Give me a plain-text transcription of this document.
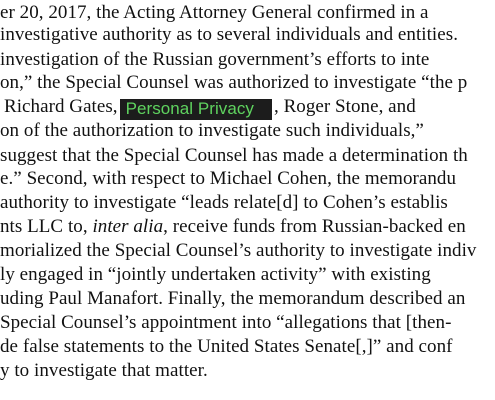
er 20, 2017, the Acting Attorney General confirmed in a
investigative authority as to several individuals and entities.
investigation of the Russian government’s efforts to inte
on,” the Special Counsel was authorized to investigate “the p
Richard Gates, Personal Privacy , Roger Stone, and
on of the authorization to investigate such individuals,”
suggest that the Special Counsel has made a determination th
e.” Second, with respect to Michael Cohen, the memorandu
authority to investigate “leads relate[d] to Cohen’s establis
nts LLC to, inter alia, receive funds from Russian-backed en
morialized the Special Counsel’s authority to investigate indiv
ly engaged in “jointly undertaken activity” with existing
uding Paul Manafort. Finally, the memorandum described an
Special Counsel’s appointment into “allegations that [then-
de false statements to the United States Senate[,]” and conf
y to investigate that matter.
